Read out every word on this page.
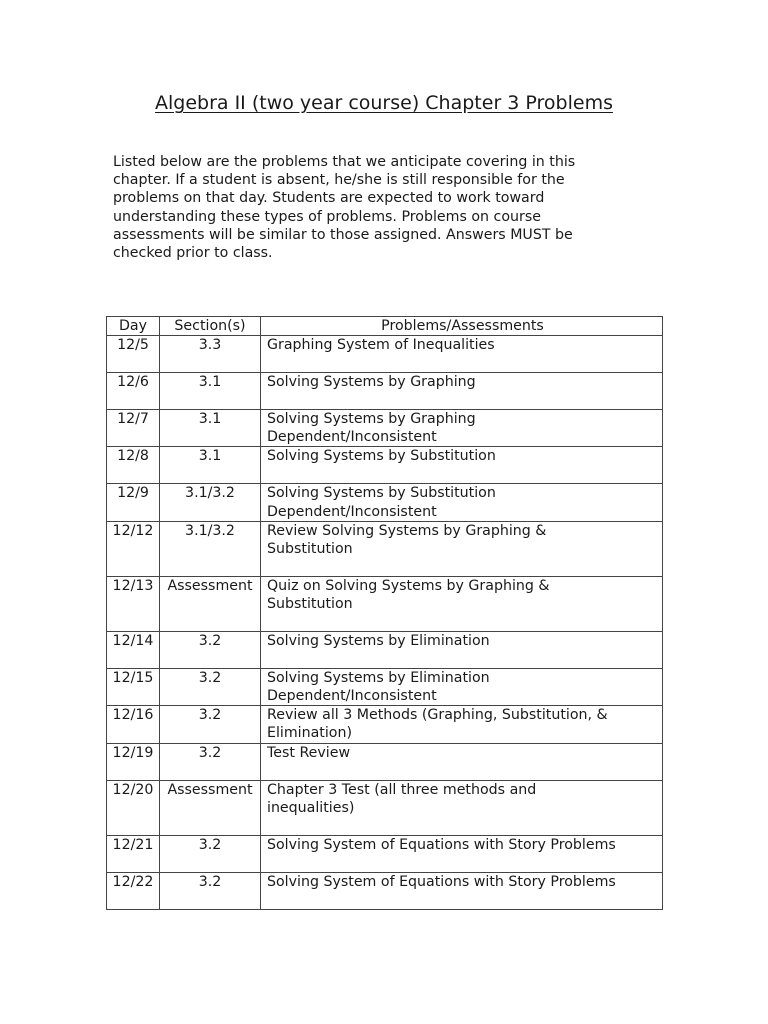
Algebra II (two year course) Chapter 3 Problems

Listed below are the problems that we anticipate covering in this
chapter. If a student is absent, he/she is still responsible for the
problems on that day. Students are expected to work toward
understanding these types of problems. Problems on course
assessments will be similar to those assigned. Answers MUST be
checked prior to class.

Day	Section(s)	Problems/Assessments
12/5	3.3	Graphing System of Inequalities
12/6	3.1	Solving Systems by Graphing
12/7	3.1	Solving Systems by Graphing
Dependent/Inconsistent
12/8	3.1	Solving Systems by Substitution
12/9	3.1/3.2	Solving Systems by Substitution
Dependent/Inconsistent
12/12	3.1/3.2	Review Solving Systems by Graphing &
Substitution
12/13	Assessment	Quiz on Solving Systems by Graphing &
Substitution
12/14	3.2	Solving Systems by Elimination
12/15	3.2	Solving Systems by Elimination
Dependent/Inconsistent
12/16	3.2	Review all 3 Methods (Graphing, Substitution, &
Elimination)
12/19	3.2	Test Review
12/20	Assessment	Chapter 3 Test (all three methods and
inequalities)
12/21	3.2	Solving System of Equations with Story Problems
12/22	3.2	Solving System of Equations with Story Problems
